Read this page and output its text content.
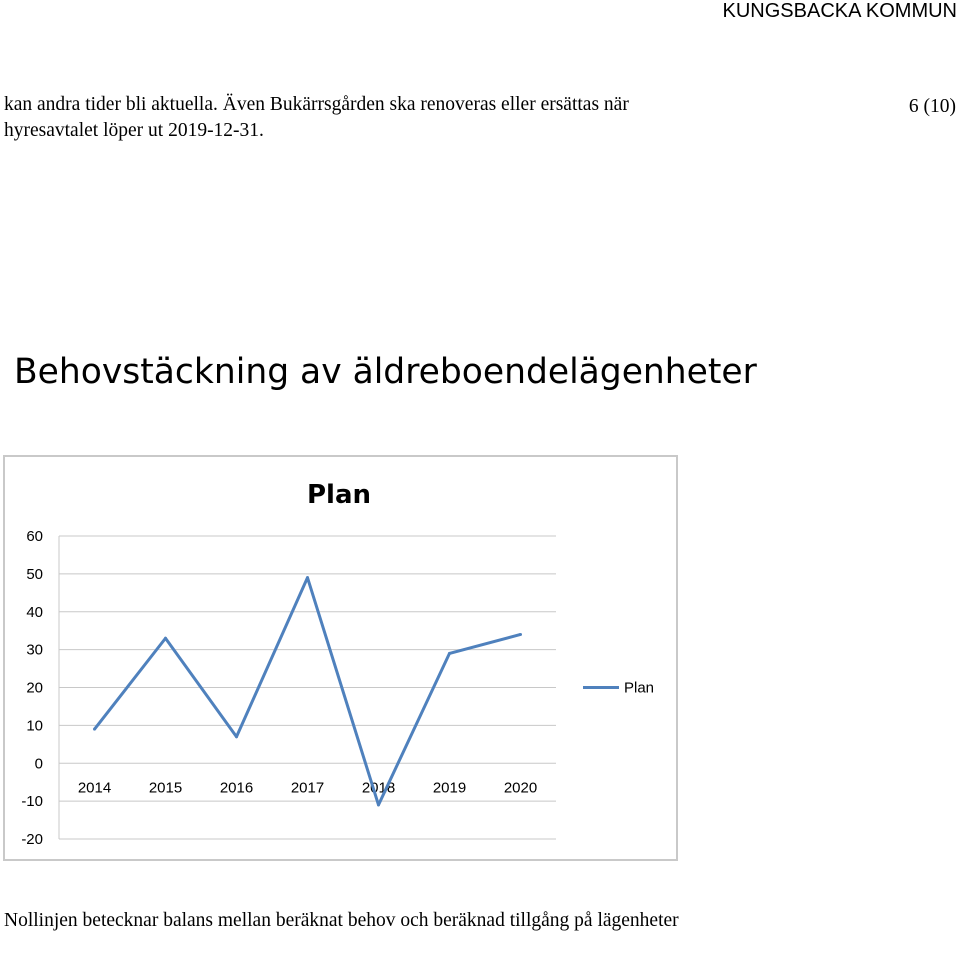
KUNGSBACKA KOMMUN
kan andra tider bli aktuella. Även Bukärrsgården ska renoveras eller ersättas när
hyresavtalet löper ut 2019-12-31.
6 (10)
Behovstäckning av äldreboendelägenheter
Plan
-20
-10
0
10
20
30
40
50
60
2014	2015	2016	2017	2018	2019	2020
Plan
Nollinjen betecknar balans mellan beräknat behov och beräknad tillgång på lägenheter
